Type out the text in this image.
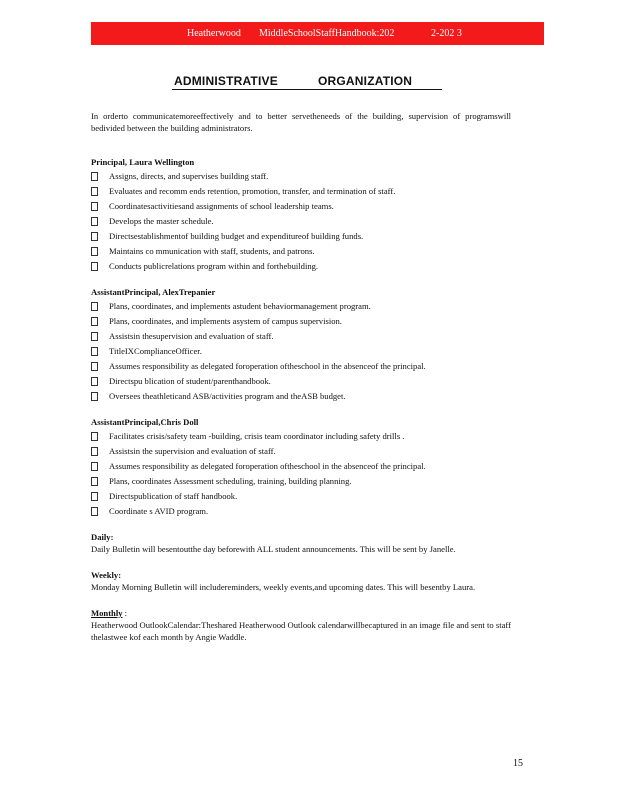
Heatherwood MiddleSchoolStaffHandbook:202	2-202 3
ADMINISTRATIVE	ORGANIZATION

In orderto communicatemoreeffectively and to better servetheneeds of the building, supervision of programswill bedivided between the building administrators.

Principal, Laura Wellington
Assigns, directs, and supervises building staff.
Evaluates and recomm ends retention, promotion, transfer, and termination of staff.
Coordinatesactivitiesand assignments of school leadership teams.
Develops the master schedule.
Directsestablishmentof building budget and expenditureof building funds.
Maintains co mmunication with staff, students, and patrons.
Conducts publicrelations program within and forthebuilding.
AssistantPrincipal, AlexTrepanier
Plans, coordinates, and implements astudent behaviormanagement program.
Plans, coordinates, and implements asystem of campus supervision.
Assistsin thesupervision and evaluation of staff.
TitleIXComplianceOfficer.
Assumes responsibility as delegated foroperation oftheschool in the absenceof the principal.
Directspu blication of student/parenthandbook.
Oversees theathleticand ASB/activities program and theASB budget.
AssistantPrincipal,Chris Doll
Facilitates crisis/safety team -building, crisis team coordinator including safety drills .
Assistsin the supervision and evaluation of staff.
Assumes responsibility as delegated foroperation oftheschool in the absenceof the principal.
Plans, coordinates Assessment scheduling, training, building planning.
Directspublication of staff handbook.
Coordinate s AVID program.
Daily:

Daily Bulletin will besentoutthe day beforewith ALL student announcements. This will be sent by Janelle.

Weekly:

Monday Morning Bulletin will includereminders, weekly events,and upcoming dates. This will besentby Laura.

Monthly :

Heatherwood OutlookCalendar:Theshared Heatherwood Outlook calendarwillbecaptured in an image file and sent to staff thelastwee kof each month by Angie Waddle.

15
